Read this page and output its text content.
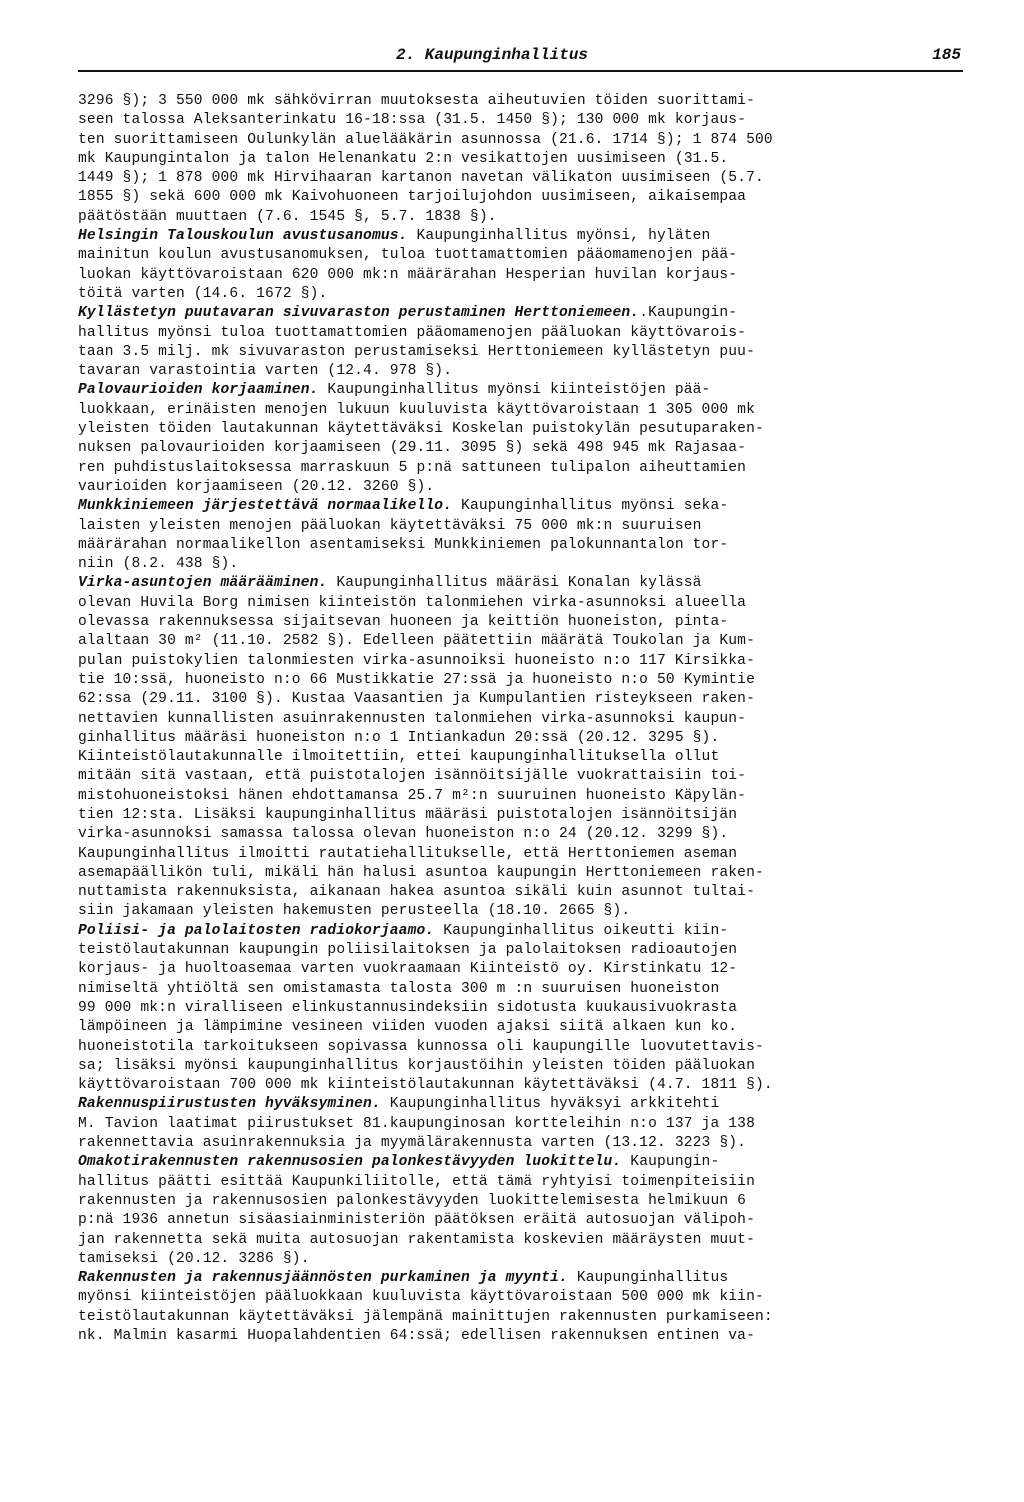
2. Kaupunginhallitus	185
3296 §); 3 550 000 mk sähkövirran muutoksesta aiheutuvien töiden suorittami-
seen talossa Aleksanterinkatu 16-18:ssa (31.5. 1450 §); 130 000 mk korjaus-
ten suorittamiseen Oulunkylän aluelääkärin asunnossa (21.6. 1714 §); 1 874 500
mk Kaupungintalon ja talon Helenankatu 2:n vesikattojen uusimiseen (31.5.
1449 §); 1 878 000 mk Hirvihaaran kartanon navetan välikaton uusimiseen (5.7.
1855 §) sekä 600 000 mk Kaivohuoneen tarjoilujohdon uusimiseen, aikaisempaa
päätöstään muuttaen (7.6. 1545 §, 5.7. 1838 §).
Helsingin Talouskoulun avustusanomus. Kaupunginhallitus myönsi, hyläten
mainitun koulun avustusanomuksen, tuloa tuottamattomien pääomamenojen pää-
luokan käyttövaroistaan 620 000 mk:n määrärahan Hesperian huvilan korjaus-
töitä varten (14.6. 1672 §).
Kyllästetyn puutavaran sivuvaraston perustaminen Herttoniemeen..Kaupungin-
hallitus myönsi tuloa tuottamattomien pääomamenojen pääluokan käyttövarois-
taan 3.5 milj. mk sivuvaraston perustamiseksi Herttoniemeen kyllästetyn puu-
tavaran varastointia varten (12.4. 978 §).
Palovaurioiden korjaaminen. Kaupunginhallitus myönsi kiinteistöjen pää-
luokkaan, erinäisten menojen lukuun kuuluvista käyttövaroistaan 1 305 000 mk
yleisten töiden lautakunnan käytettäväksi Koskelan puistokylän pesutuparaken-
nuksen palovaurioiden korjaamiseen (29.11. 3095 §) sekä 498 945 mk Rajasaa-
ren puhdistuslaitoksessa marraskuun 5 p:nä sattuneen tulipalon aiheuttamien
vaurioiden korjaamiseen (20.12. 3260 §).
Munkkiniemeen järjestettävä normaalikello. Kaupunginhallitus myönsi seka-
laisten yleisten menojen pääluokan käytettäväksi 75 000 mk:n suuruisen
määrärahan normaalikellon asentamiseksi Munkkiniemen palokunnantalon tor-
niin (8.2. 438 §).
Virka-asuntojen määrääminen. Kaupunginhallitus määräsi Konalan kylässä
olevan Huvila Borg nimisen kiinteistön talonmiehen virka-asunnoksi alueella
olevassa rakennuksessa sijaitsevan huoneen ja keittiön huoneiston, pinta-
alaltaan 30 m² (11.10. 2582 §). Edelleen päätettiin määrätä Toukolan ja Kum-
pulan puistokylien talonmiesten virka-asunnoiksi huoneisto n:o 117 Kirsikka-
tie 10:ssä, huoneisto n:o 66 Mustikkatie 27:ssä ja huoneisto n:o 50 Kymintie
62:ssa (29.11. 3100 §). Kustaa Vaasantien ja Kumpulantien risteykseen raken-
nettavien kunnallisten asuinrakennusten talonmiehen virka-asunnoksi kaupun-
ginhallitus määräsi huoneiston n:o 1 Intiankadun 20:ssä (20.12. 3295 §).
Kiinteistölautakunnalle ilmoitettiin, ettei kaupunginhallituksella ollut
mitään sitä vastaan, että puistotalojen isännöitsijälle vuokrattaisiin toi-
mistohuoneistoksi hänen ehdottamansa 25.7 m²:n suuruinen huoneisto Käpylän-
tien 12:sta. Lisäksi kaupunginhallitus määräsi puistotalojen isännöitsijän
virka-asunnoksi samassa talossa olevan huoneiston n:o 24 (20.12. 3299 §).
Kaupunginhallitus ilmoitti rautatiehallitukselle, että Herttoniemen aseman
asemapäällikön tuli, mikäli hän halusi asuntoa kaupungin Herttoniemeen raken-
nuttamista rakennuksista, aikanaan hakea asuntoa sikäli kuin asunnot tultai-
siin jakamaan yleisten hakemusten perusteella (18.10. 2665 §).
Poliisi- ja palolaitosten radiokorjaamo. Kaupunginhallitus oikeutti kiin-
teistölautakunnan kaupungin poliisilaitoksen ja palolaitoksen radioautojen
korjaus- ja huoltoasemaa varten vuokraamaan Kiinteistö oy. Kirstinkatu 12-
nimiseltä yhtiöltä sen omistamasta talosta 300 m :n suuruisen huoneiston
99 000 mk:n viralliseen elinkustannusindeksiin sidotusta kuukausivuokrasta
lämpöineen ja lämpimine vesineen viiden vuoden ajaksi siitä alkaen kun ko.
huoneistotila tarkoitukseen sopivassa kunnossa oli kaupungille luovutettavis-
sa; lisäksi myönsi kaupunginhallitus korjaustöihin yleisten töiden pääluokan
käyttövaroistaan 700 000 mk kiinteistölautakunnan käytettäväksi (4.7. 1811 §).
Rakennuspiirustusten hyväksyminen. Kaupunginhallitus hyväksyi arkkitehti
M. Tavion laatimat piirustukset 81.kaupunginosan kortteleihin n:o 137 ja 138
rakennettavia asuinrakennuksia ja myymälärakennusta varten (13.12. 3223 §).
Omakotirakennusten rakennusosien palonkestävyyden luokittelu. Kaupungin-
hallitus päätti esittää Kaupunkiliitolle, että tämä ryhtyisi toimenpiteisiin
rakennusten ja rakennusosien palonkestävyyden luokittelemisesta helmikuun 6
p:nä 1936 annetun sisäasiainministeriön päätöksen eräitä autosuojan välipoh-
jan rakennetta sekä muita autosuojan rakentamista koskevien määräysten muut-
tamiseksi (20.12. 3286 §).
Rakennusten ja rakennusjäännösten purkaminen ja myynti. Kaupunginhallitus
myönsi kiinteistöjen pääluokkaan kuuluvista käyttövaroistaan 500 000 mk kiin-
teistölautakunnan käytettäväksi jälempänä mainittujen rakennusten purkamiseen:
nk. Malmin kasarmi Huopalahdentien 64:ssä; edellisen rakennuksen entinen va-
